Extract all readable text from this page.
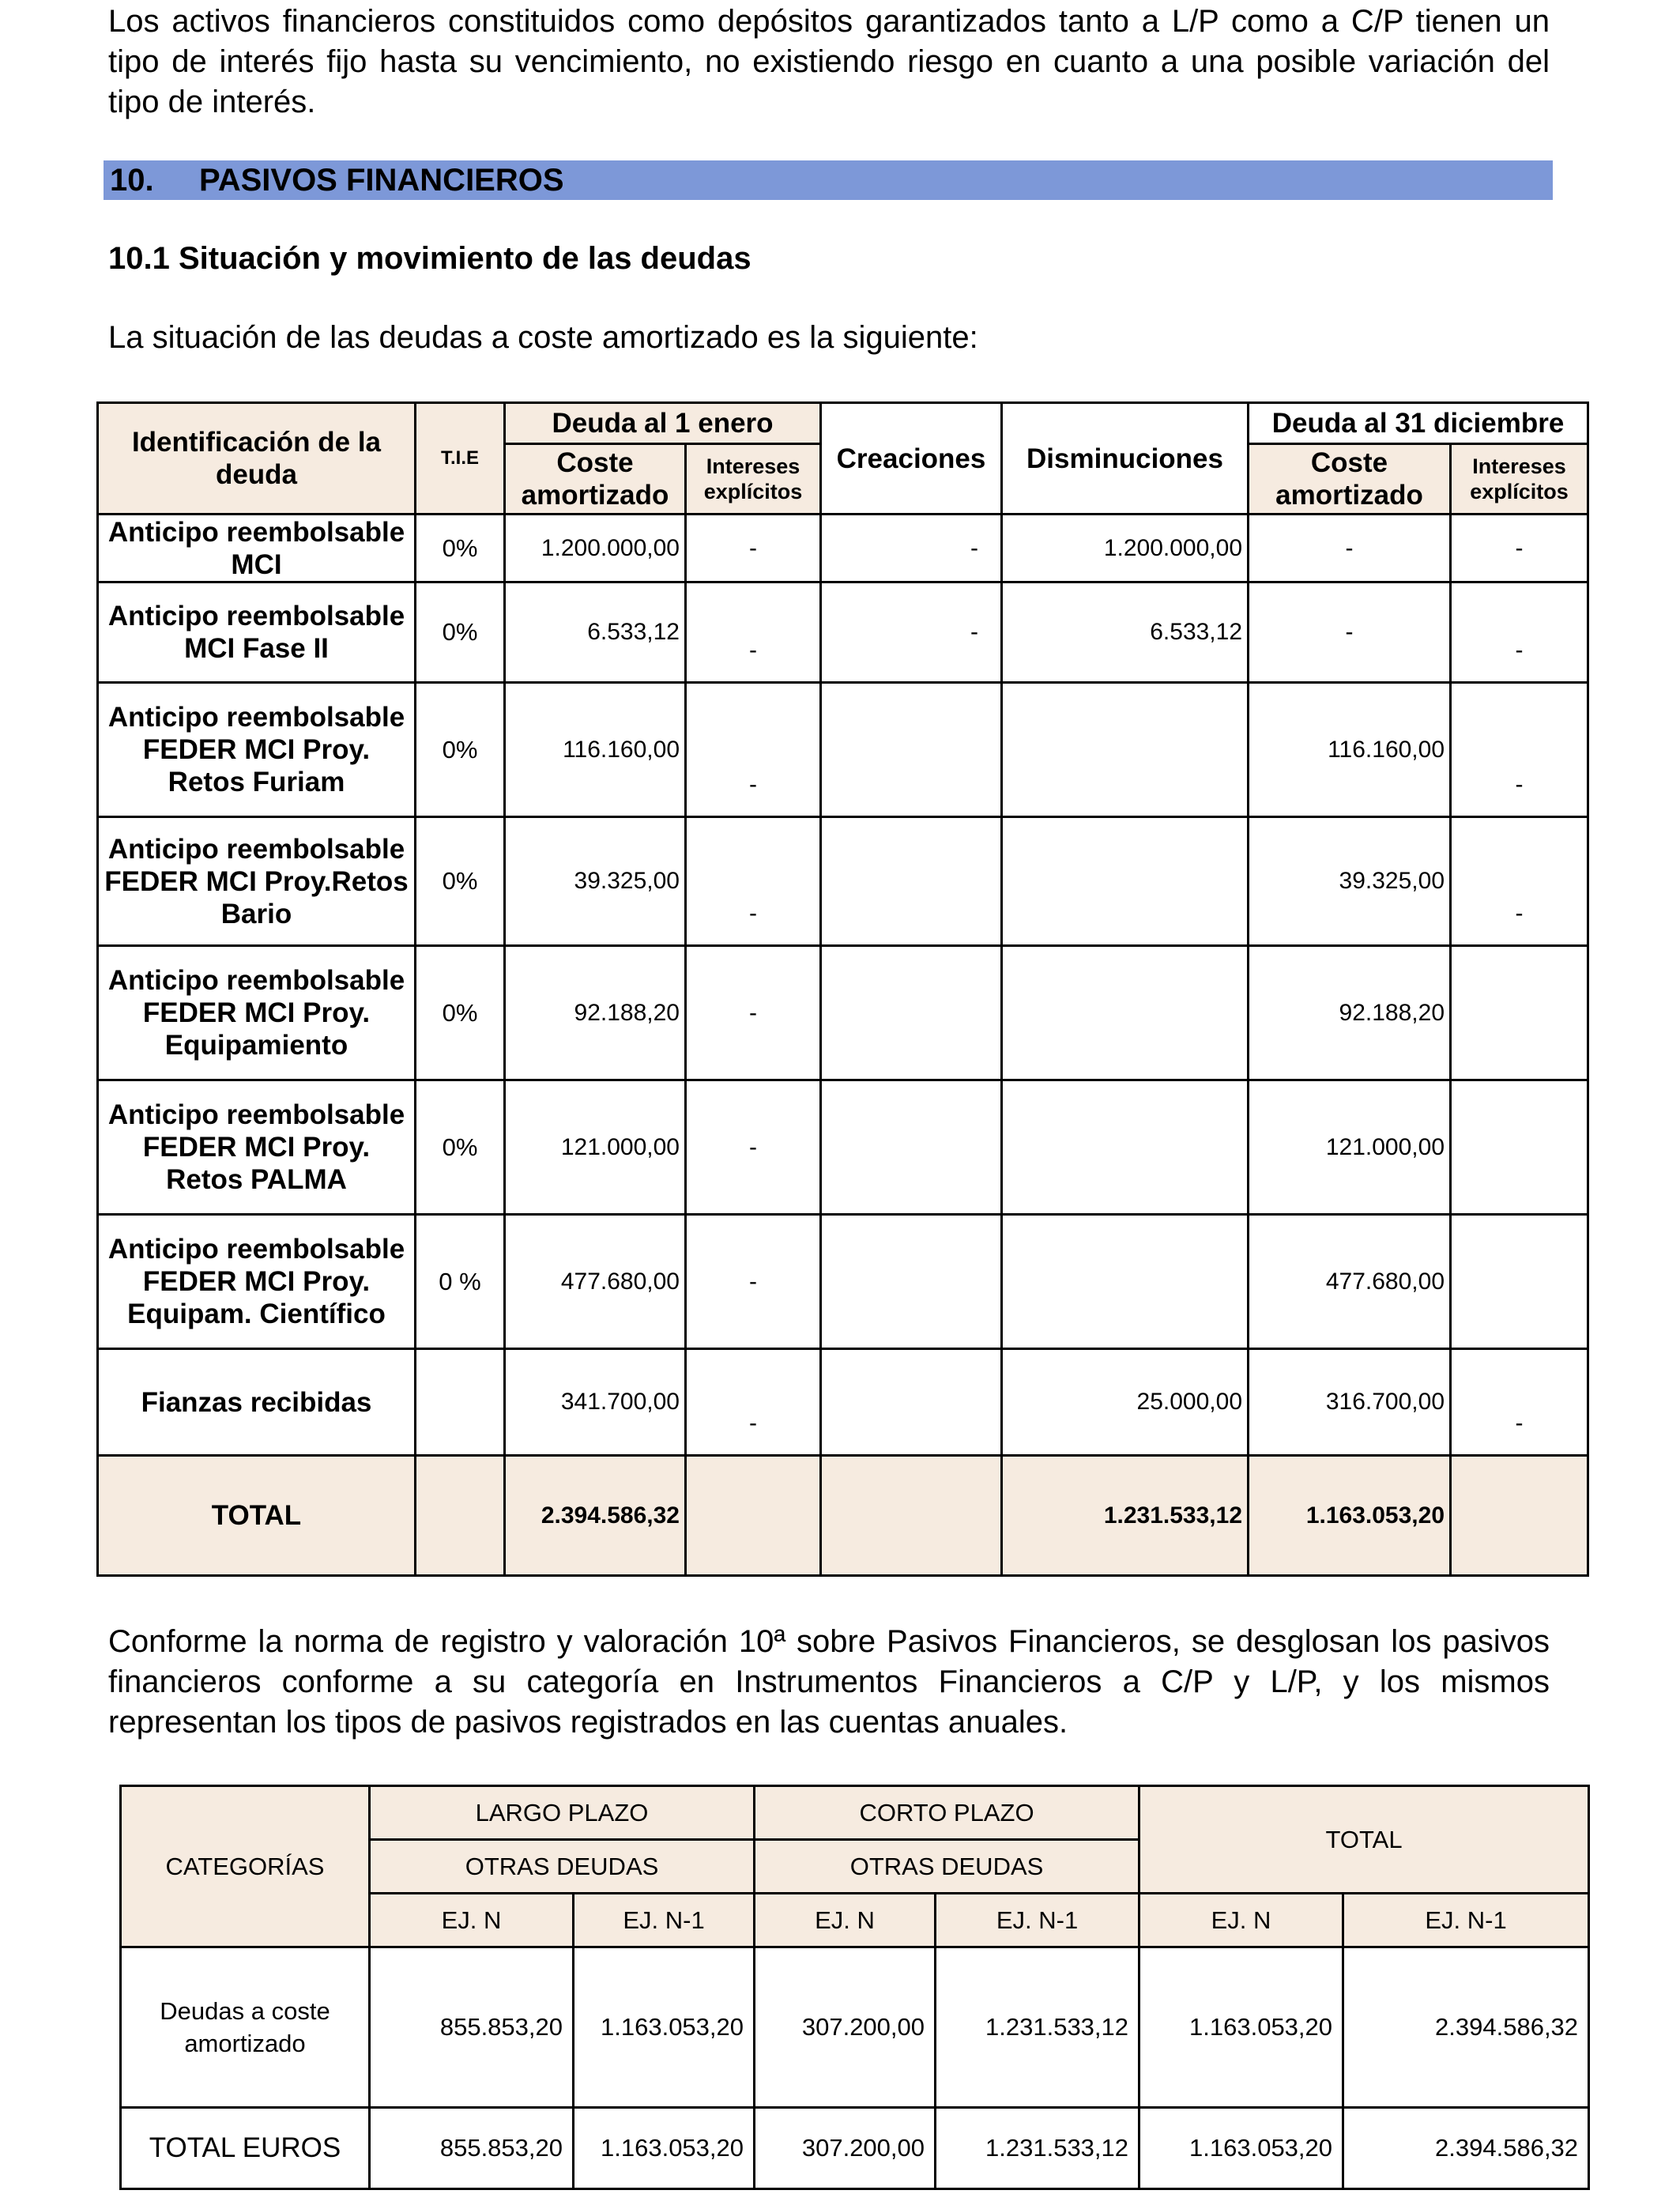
Los activos financieros constituidos como depósitos garantizados tanto a L/P como a C/P tienen un tipo de interés fijo hasta su vencimiento, no existiendo riesgo en cuanto a una posible variación del tipo de interés.

10. PASIVOS FINANCIEROS
10.1 Situación y movimiento de las deudas

La situación de las deudas a coste amortizado es la siguiente:

Identificación de la deuda	T.I.E	Deuda al 1 enero		Creaciones	Disminuciones	Deuda al 31 diciembre	
		Coste amortizado	Intereses explícitos			Coste amortizado	Intereses explícitos
Anticipo reembolsable MCI	0%	1.200.000,00	-	-	1.200.000,00	-	-
Anticipo reembolsable MCI Fase II	0%	6.533,12	-	-	6.533,12	-	-
Anticipo reembolsable FEDER MCI Proy. Retos Furiam	0%	116.160,00	-			116.160,00	-
Anticipo reembolsable FEDER MCI Proy.Retos Bario	0%	39.325,00	-			39.325,00	-
Anticipo reembolsable FEDER MCI Proy. Equipamiento	0%	92.188,20	-			92.188,20	
Anticipo reembolsable FEDER MCI Proy. Retos PALMA	0%	121.000,00	-			121.000,00	
Anticipo reembolsable FEDER MCI Proy. Equipam. Científico	0 %	477.680,00	-			477.680,00	
Fianzas recibidas		341.700,00	-		25.000,00	316.700,00	-
TOTAL		2.394.586,32			1.231.533,12	1.163.053,20	

Conforme la norma de registro y valoración 10ª sobre Pasivos Financieros, se desglosan los pasivos financieros conforme a su categoría en Instrumentos Financieros a C/P y L/P, y los mismos representan los tipos de pasivos registrados en las cuentas anuales.

CATEGORÍAS	LARGO PLAZO		CORTO PLAZO		TOTAL	
	OTRAS DEUDAS		OTRAS DEUDAS			
	EJ. N	EJ. N-1	EJ. N	EJ. N-1	EJ. N	EJ. N-1
Deudas a coste amortizado	855.853,20	1.163.053,20	307.200,00	1.231.533,12	1.163.053,20	2.394.586,32
TOTAL EUROS	855.853,20	1.163.053,20	307.200,00	1.231.533,12	1.163.053,20	2.394.586,32
